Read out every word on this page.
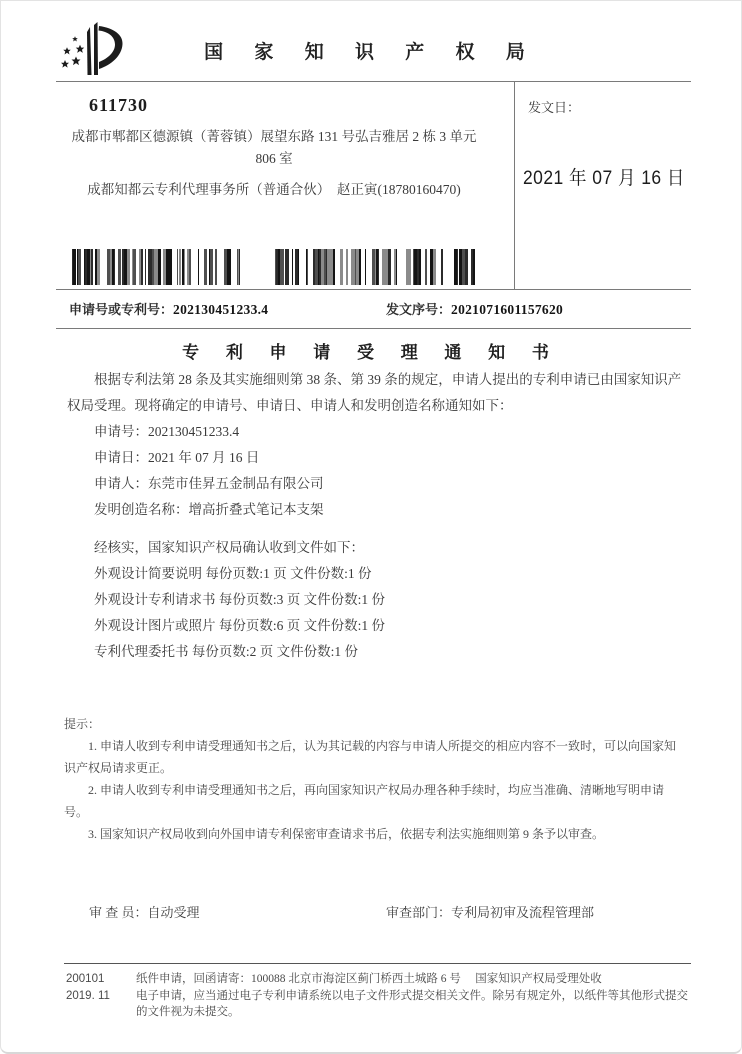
国 家 知 识 产 权 局
611730
成都市郫都区德源镇（菁蓉镇）展望东路 131 号弘吉雅居 2 栋 3 单元
806 室
成都知都云专利代理事务所（普通合伙）　赵正寅(18780160470)
发文日：
2021 年 07 月 16 日
申请号或专利号：202130451233.4	发文序号：2021071601157620
专 利 申 请 受 理 通 知 书
根据专利法第 28 条及其实施细则第 38 条、第 39 条的规定，申请人提出的专利申请已由国家知识产权局受理。现将确定的申请号、申请日、申请人和发明创造名称通知如下：
申请号：202130451233.4
申请日：2021 年 07 月 16 日
申请人：东莞市佳昇五金制品有限公司
发明创造名称：增高折叠式笔记本支架
经核实，国家知识产权局确认收到文件如下：
外观设计简要说明 每份页数:1 页 文件份数:1 份
外观设计专利请求书 每份页数:3 页 文件份数:1 份
外观设计图片或照片 每份页数:6 页 文件份数:1 份
专利代理委托书 每份页数:2 页 文件份数:1 份
提示：
1. 申请人收到专利申请受理通知书之后，认为其记载的内容与申请人所提交的相应内容不一致时，可以向国家知识产权局请求更正。
2. 申请人收到专利申请受理通知书之后，再向国家知识产权局办理各种手续时，均应当准确、清晰地写明申请号。
3. 国家知识产权局收到向外国申请专利保密审查请求书后，依据专利法实施细则第 9 条予以审查。
审 查 员：自动受理	审查部门：专利局初审及流程管理部
200101
2019. 11
纸件申请，回函请寄：100088 北京市海淀区蓟门桥西土城路 6 号　 国家知识产权局受理处收
电子申请，应当通过电子专利申请系统以电子文件形式提交相关文件。除另有规定外，以纸件等其他形式提交的文件视为未提交。
